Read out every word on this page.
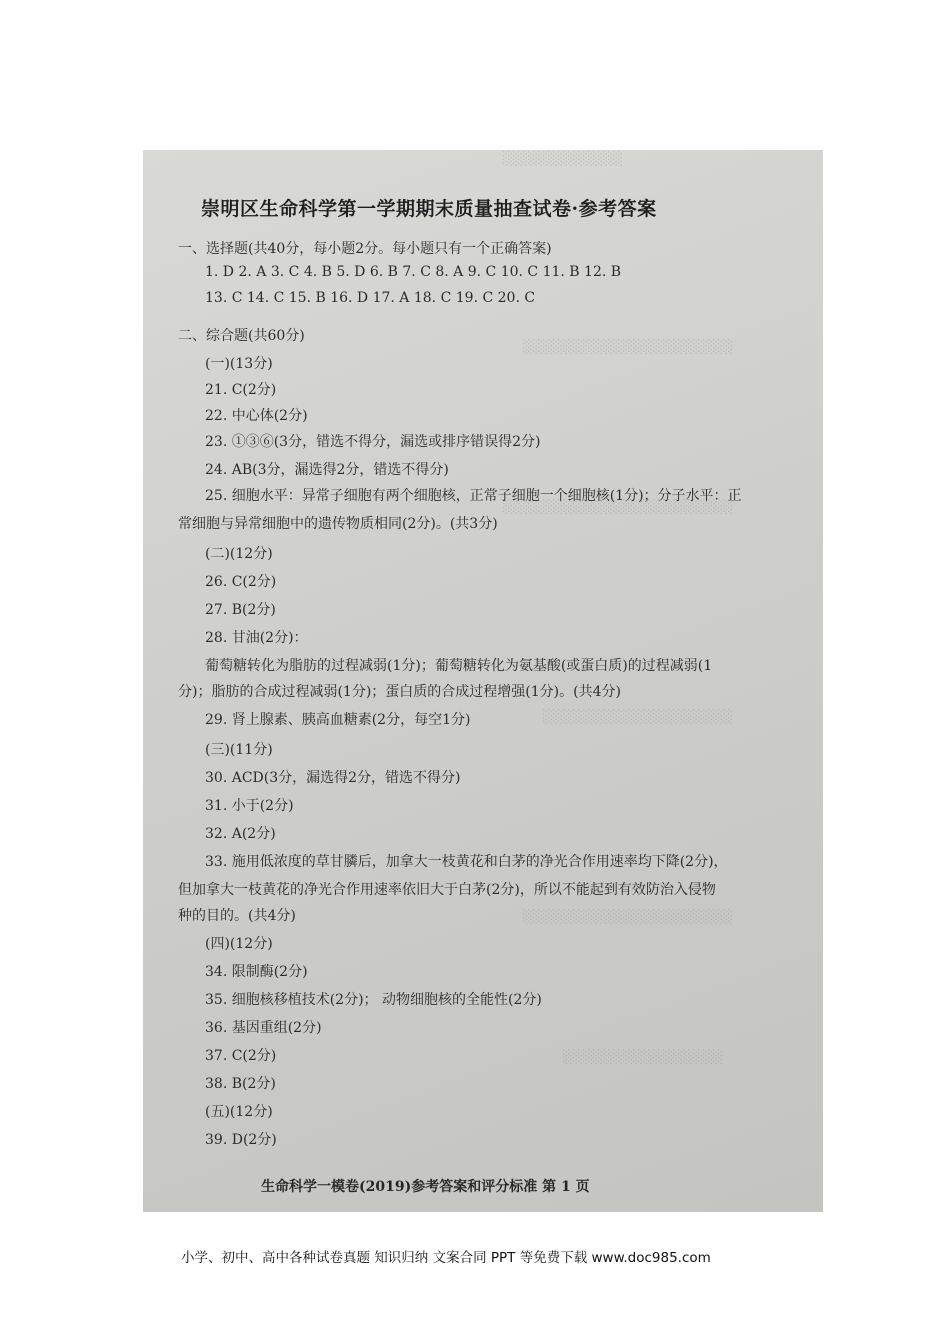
░░░░░░░░░░░░
░░░░░░░░░░░░░░░░░░░░░
░░░░░░░░░░░░░░░░░░░░░░░
░░░░░░░░░░░░░░░░░░░
░░░░░░░░░░░░░░░░░░░░░
░░░░░░░░░░░░░░░░
崇明区生命科学第一学期期末质量抽查试卷·参考答案
一、选择题(共40分，每小题2分。每小题只有一个正确答案)
1. D 2. A 3. C 4. B 5. D 6. B 7. C 8. A 9. C 10. C 11. B 12. B
13. C 14. C 15. B 16. D 17. A 18. C 19. C 20. C
二、综合题(共60分)
(一)(13分)
21. C(2分)
22. 中心体(2分)
23. ①③⑥(3分，错选不得分，漏选或排序错误得2分)
24. AB(3分，漏选得2分，错选不得分)
25. 细胞水平：异常子细胞有两个细胞核，正常子细胞一个细胞核(1分)；分子水平：正
常细胞与异常细胞中的遗传物质相同(2分)。(共3分)
(二)(12分)
26. C(2分)
27. B(2分)
28. 甘油(2分)：
葡萄糖转化为脂肪的过程减弱(1分)；葡萄糖转化为氨基酸(或蛋白质)的过程减弱(1
分)；脂肪的合成过程减弱(1分)；蛋白质的合成过程增强(1分)。(共4分)
29. 肾上腺素、胰高血糖素(2分，每空1分)
(三)(11分)
30. ACD(3分，漏选得2分，错选不得分)
31. 小于(2分)
32. A(2分)
33. 施用低浓度的草甘膦后，加拿大一枝黄花和白茅的净光合作用速率均下降(2分)，
但加拿大一枝黄花的净光合作用速率依旧大于白茅(2分)，所以不能起到有效防治入侵物
种的目的。(共4分)
(四)(12分)
34. 限制酶(2分)
35. 细胞核移植技术(2分)； 动物细胞核的全能性(2分)
36. 基因重组(2分)
37. C(2分)
38. B(2分)
(五)(12分)
39. D(2分)
生命科学一模卷(2019)参考答案和评分标准 第 1 页
小学、初中、高中各种试卷真题 知识归纳 文案合同 PPT 等免费下载 www.doc985.com
